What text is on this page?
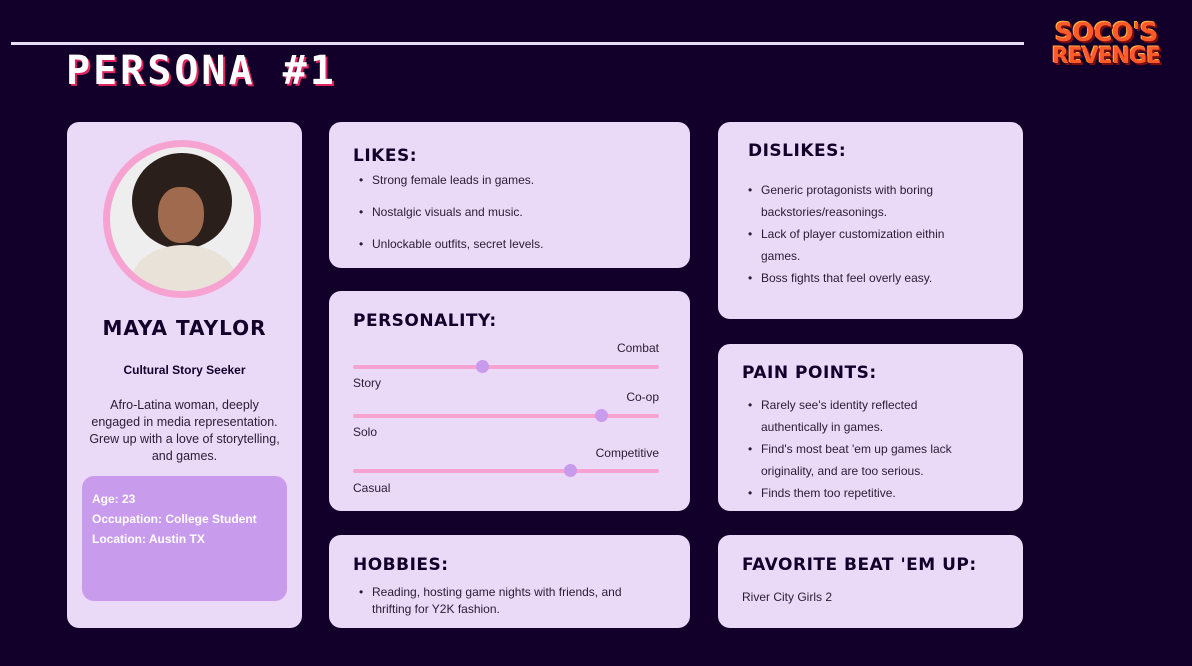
PERSONA #1
SOCO'S
REVENGE
MAYA TAYLOR
Cultural Story Seeker
Afro-Latina woman, deeply engaged in media representation. Grew up with a love of storytelling, and games.
Age: 23
Occupation: College Student
Location: Austin TX
LIKES:
• Strong female leads in games.
• Nostalgic visuals and music.
• Unlockable outfits, secret levels.
PERSONALITY:
Combat
Story
Co-op
Solo
Competitive
Casual
HOBBIES:
• Reading, hosting game nights with friends, and thrifting for Y2K fashion.
DISLIKES:
• Generic protagonists with boring backstories/reasonings.
• Lack of player customization eithin games.
• Boss fights that feel overly easy.
PAIN POINTS:
• Rarely see's identity reflected authentically in games.
• Find's most beat 'em up games lack originality, and are too serious.
• Finds them too repetitive.
FAVORITE BEAT 'EM UP:
River City Girls 2
